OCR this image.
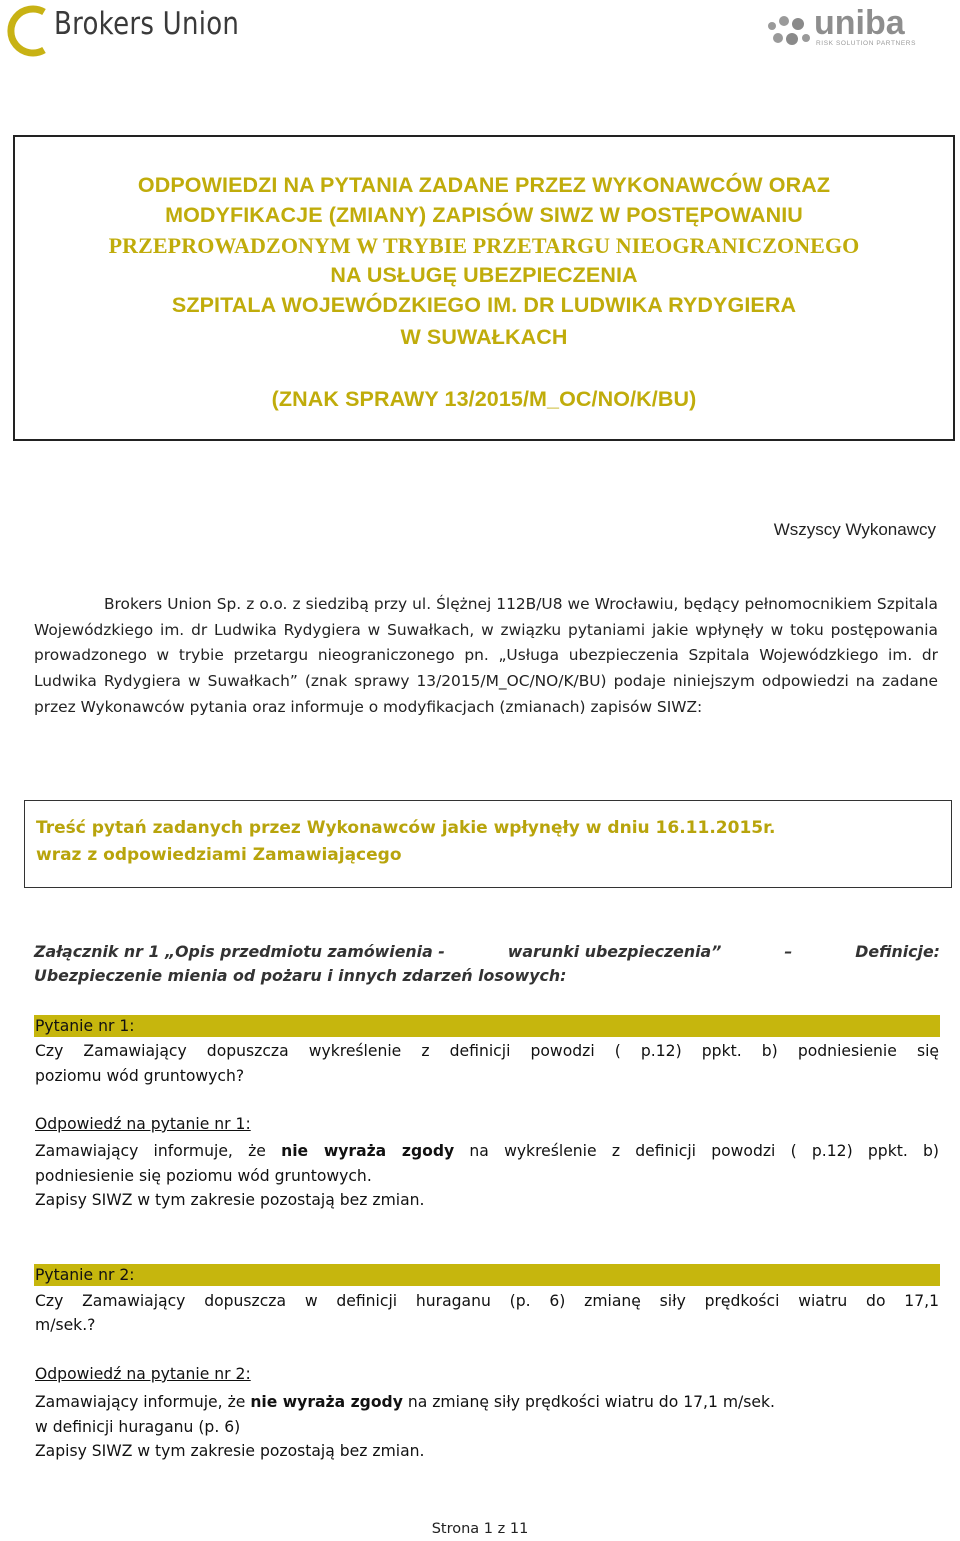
Brokers Union	uniba
RISK SOLUTION PARTNERS
ODPOWIEDZI NA PYTANIA ZADANE PRZEZ WYKONAWCÓW ORAZ
MODYFIKACJE (ZMIANY) ZAPISÓW SIWZ W POSTĘPOWANIU
PRZEPROWADZONYM W TRYBIE PRZETARGU NIEOGRANICZONEGO
NA USŁUGĘ UBEZPIECZENIA
SZPITALA WOJEWÓDZKIEGO IM. DR LUDWIKA RYDYGIERA
W SUWAŁKACH
(ZNAK SPRAWY 13/2015/M_OC/NO/K/BU)
Wszyscy Wykonawcy

Brokers Union Sp. z o.o. z siedzibą przy ul. Ślężnej 112B/U8 we Wrocławiu, będący pełnomocnikiem Szpitala Wojewódzkiego im. dr Ludwika Rydygiera w Suwałkach, w związku pytaniami jakie wpłynęły w toku postępowania prowadzonego w trybie przetargu nieograniczonego pn. „Usługa ubezpieczenia Szpitala Wojewódzkiego im. dr Ludwika Rydygiera w Suwałkach” (znak sprawy 13/2015/M_OC/NO/K/BU) podaje niniejszym odpowiedzi na zadane przez Wykonawców pytania oraz informuje o modyfikacjach (zmianach) zapisów SIWZ:

Treść pytań zadanych przez Wykonawców jakie wpłynęły w dniu 16.11.2015r.
wraz z odpowiedziami Zamawiającego
Załącznik nr 1 „Opis przedmiotu zamówienia -	warunki ubezpieczenia”	–	Definicje:
Ubezpieczenie mienia od pożaru i innych zdarzeń losowych:
Pytanie nr 1:
Czy Zamawiający dopuszcza wykreślenie z definicji powodzi ( p.12) ppkt. b) podniesienie się
poziomu wód gruntowych?
Odpowiedź na pytanie nr 1:
Zamawiający informuje, że nie wyraża zgody na wykreślenie z definicji powodzi ( p.12) ppkt. b)
podniesienie się poziomu wód gruntowych.
Zapisy SIWZ w tym zakresie pozostają bez zmian.
Pytanie nr 2:
Czy Zamawiający dopuszcza w definicji huraganu (p. 6) zmianę siły prędkości wiatru do 17,1
m/sek.?
Odpowiedź na pytanie nr 2:
Zamawiający informuje, że nie wyraża zgody na zmianę siły prędkości wiatru do 17,1 m/sek.
w definicji huraganu (p. 6)
Zapisy SIWZ w tym zakresie pozostają bez zmian.
Strona 1 z 11
